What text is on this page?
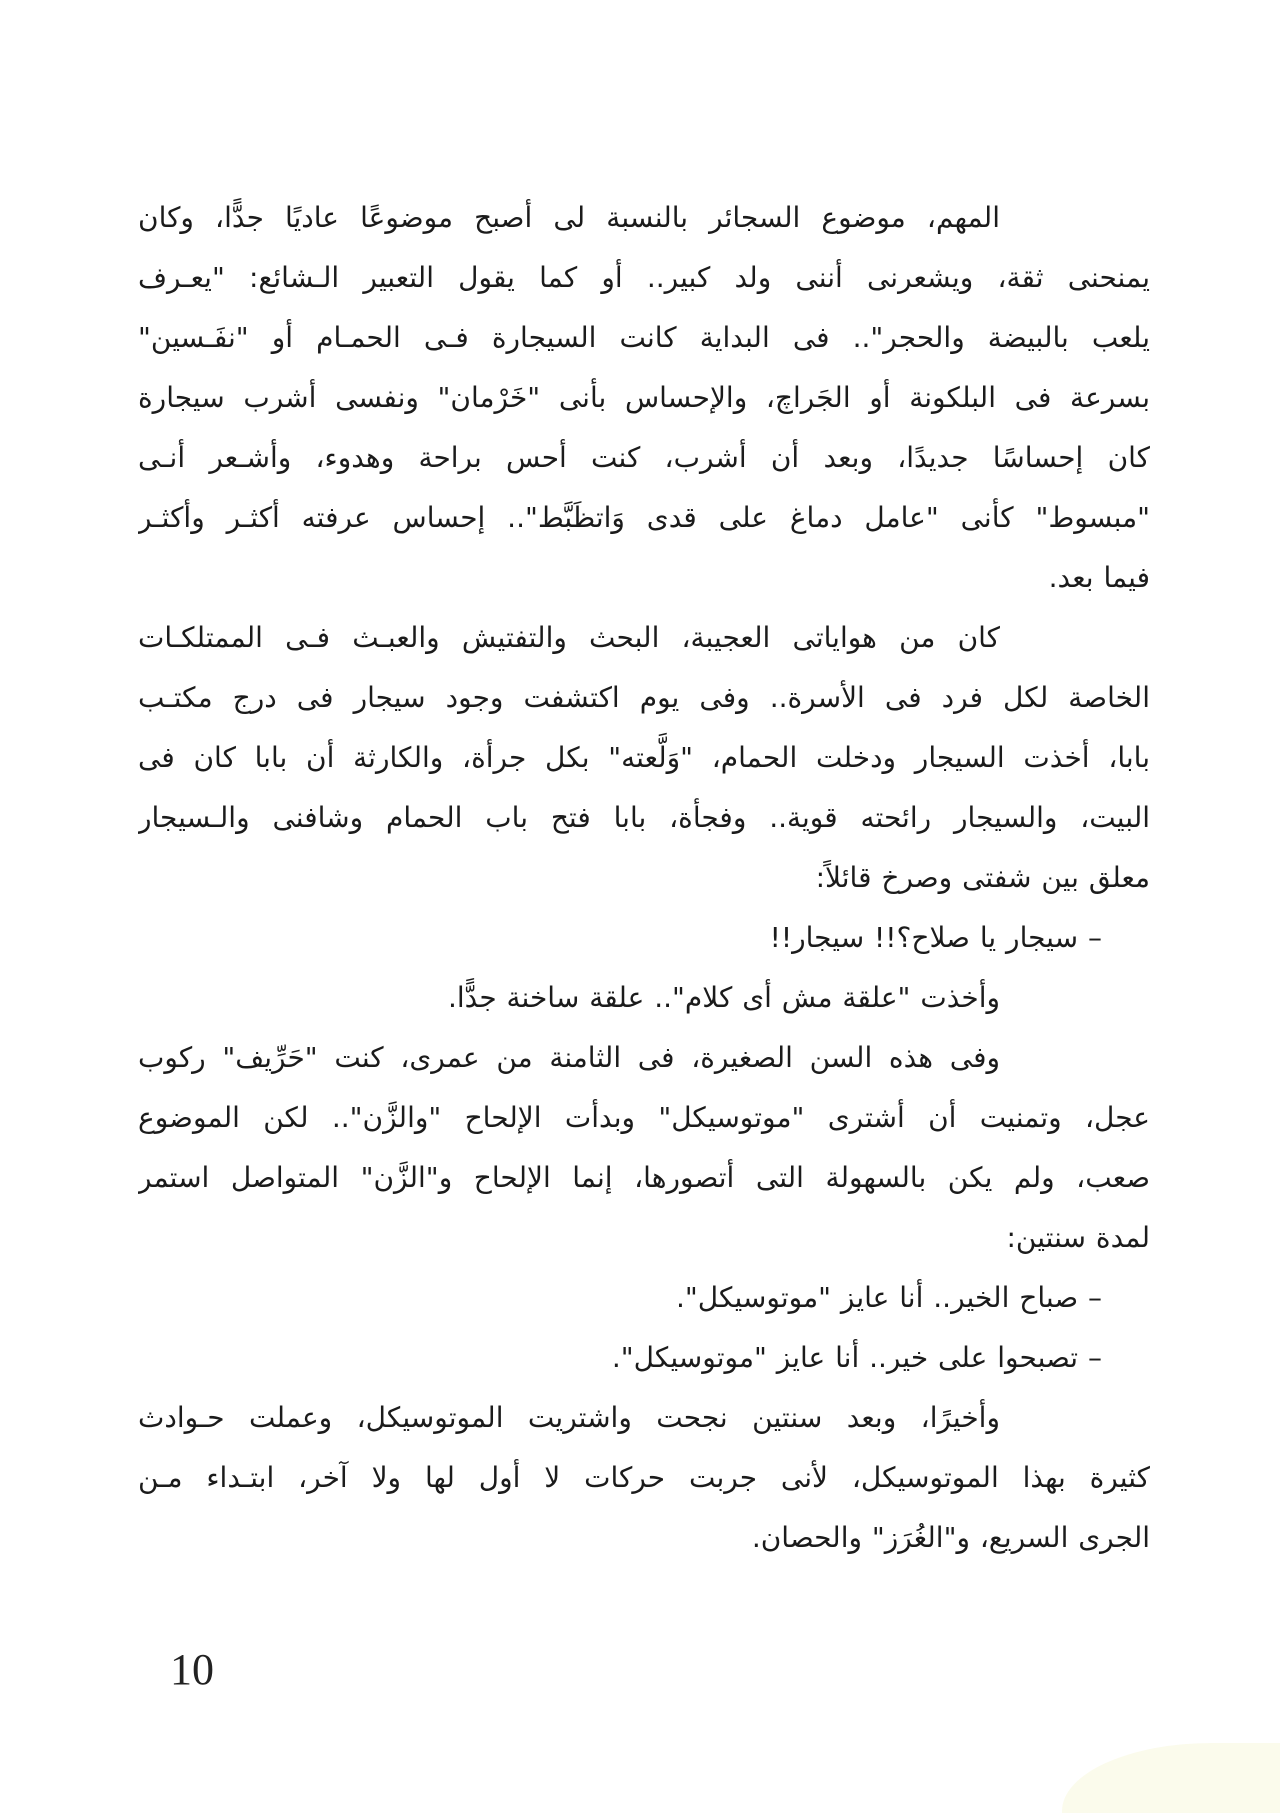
المهم، موضوع السجائر بالنسبة لى أصبح موضوعًا عاديًا جدًّا، وكان
يمنحنى ثقة، ويشعرنى أننى ولد كبير.. أو كما يقول التعبير الـشائع: "يعـرف
يلعب بالبيضة والحجر".. فى البداية كانت السيجارة فـى الحمـام أو "نفَـسين"
بسرعة فى البلكونة أو الجَراچ، والإحساس بأنى "خَرْمان" ونفسى أشرب سيجارة
كان إحساسًا جديدًا، وبعد أن أشرب، كنت أحس براحة وهدوء، وأشـعر أنـى
"مبسوط" كأنى "عامل دماغ على قدى وَاتظَبَّط".. إحساس عرفته أكثـر وأكثـر
فيما بعد.
كان من هواياتى العجيبة، البحث والتفتيش والعبـث فـى الممتلكـات
الخاصة لكل فرد فى الأسرة.. وفى يوم اكتشفت وجود سيجار فى درج مكتـب
بابا، أخذت السيجار ودخلت الحمام، "وَلَّعته" بكل جرأة، والكارثة أن بابا كان فى
البيت، والسيجار رائحته قوية.. وفجأة، بابا فتح باب الحمام وشافنى والـسيجار
معلق بين شفتى وصرخ قائلاً:
– سيجار يا صلاح؟!! سيجار!!
وأخذت "علقة مش أى كلام".. علقة ساخنة جدًّا.
وفى هذه السن الصغيرة، فى الثامنة من عمرى، كنت "حَرِّيف" ركوب
عجل، وتمنيت أن أشترى "موتوسيكل" وبدأت الإلحاح "والزَّن".. لكن الموضوع
صعب، ولم يكن بالسهولة التى أتصورها، إنما الإلحاح و"الزَّن" المتواصل استمر
لمدة سنتين:
– صباح الخير.. أنا عايز "موتوسيكل".
– تصبحوا على خير.. أنا عايز "موتوسيكل".
وأخيرًا، وبعد سنتين نجحت واشتريت الموتوسيكل، وعملت حـوادث
كثيرة بهذا الموتوسيكل، لأنى جربت حركات لا أول لها ولا آخر، ابتـداء مـن
الجرى السريع، و"الغُرَز" والحصان.
10
